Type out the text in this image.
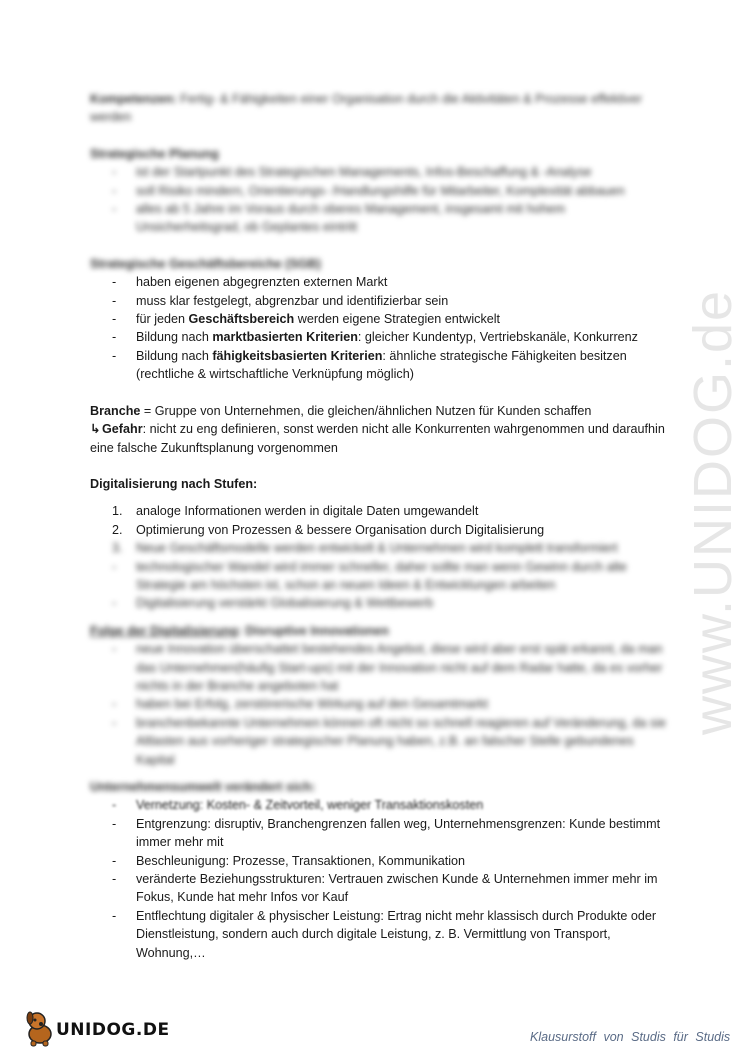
www.UNIDOG.de

Kompetenzen: Fertig- & Fähigkeiten einer Organisation durch die Aktivitäten & Prozesse effektiver werden

Strategische Planung

- ist der Startpunkt des Strategischen Managements, Infos-Beschaffung & -Analyse
- soll Risiko mindern, Orientierungs- /Handlungshilfe für Mitarbeiter, Komplexität abbauen
- alles ab 5 Jahre im Voraus durch oberes Management, insgesamt mit hohem Unsicherheitsgrad, ob Geplantes eintritt

Strategische Geschäftsbereiche (SGB)

- haben eigenen abgegrenzten externen Markt
- muss klar festgelegt, abgrenzbar und identifizierbar sein
- für jeden Geschäftsbereich werden eigene Strategien entwickelt
- Bildung nach marktbasierten Kriterien: gleicher Kundentyp, Vertriebskanäle, Konkurrenz
- Bildung nach fähigkeitsbasierten Kriterien: ähnliche strategische Fähigkeiten besitzen (rechtliche & wirtschaftliche Verknüpfung möglich)

Branche = Gruppe von Unternehmen, die gleichen/ähnlichen Nutzen für Kunden schaffen
↳Gefahr: nicht zu eng definieren, sonst werden nicht alle Konkurrenten wahrgenommen und daraufhin eine falsche Zukunftsplanung vorgenommen

Digitalisierung nach Stufen:

1. analoge Informationen werden in digitale Daten umgewandelt
2. Optimierung von Prozessen & bessere Organisation durch Digitalisierung
3. Neue Geschäftsmodelle werden entwickelt & Unternehmen wird komplett transformiert
- technologischer Wandel wird immer schneller, daher sollte man wenn Gewinn durch alte Strategie am höchsten ist, schon an neuen Ideen & Entwicklungen arbeiten
- Digitalisierung verstärkt Globalisierung & Wettbewerb

Folge der Digitalisierung: Disruptive Innovationen

- neue Innovation überschattet bestehendes Angebot, diese wird aber erst spät erkannt, da man das Unternehmen(häufig Start-ups) mit der Innovation nicht auf dem Radar hatte, da es vorher nichts in der Branche angeboten hat
- haben bei Erfolg, zerstörerische Wirkung auf den Gesamtmarkt
- branchenbekannte Unternehmen können oft nicht so schnell reagieren auf Veränderung, da sie Altlasten aus vorheriger strategischer Planung haben, z.B. an falscher Stelle gebundenes Kapital

Unternehmensumwelt verändert sich:

- Vernetzung: Kosten- & Zeitvorteil, weniger Transaktionskosten
- Entgrenzung: disruptiv, Branchengrenzen fallen weg, Unternehmensgrenzen: Kunde bestimmt immer mehr mit
- Beschleunigung: Prozesse, Transaktionen, Kommunikation
- veränderte Beziehungsstrukturen: Vertrauen zwischen Kunde & Unternehmen immer mehr im Fokus, Kunde hat mehr Infos vor Kauf
- Entflechtung digitaler & physischer Leistung: Ertrag nicht mehr klassisch durch Produkte oder Dienstleistung, sondern auch durch digitale Leistung, z. B. Vermittlung von Transport, Wohnung,…
UNIDOG.DE	Klausurstoff von Studis für Studis
